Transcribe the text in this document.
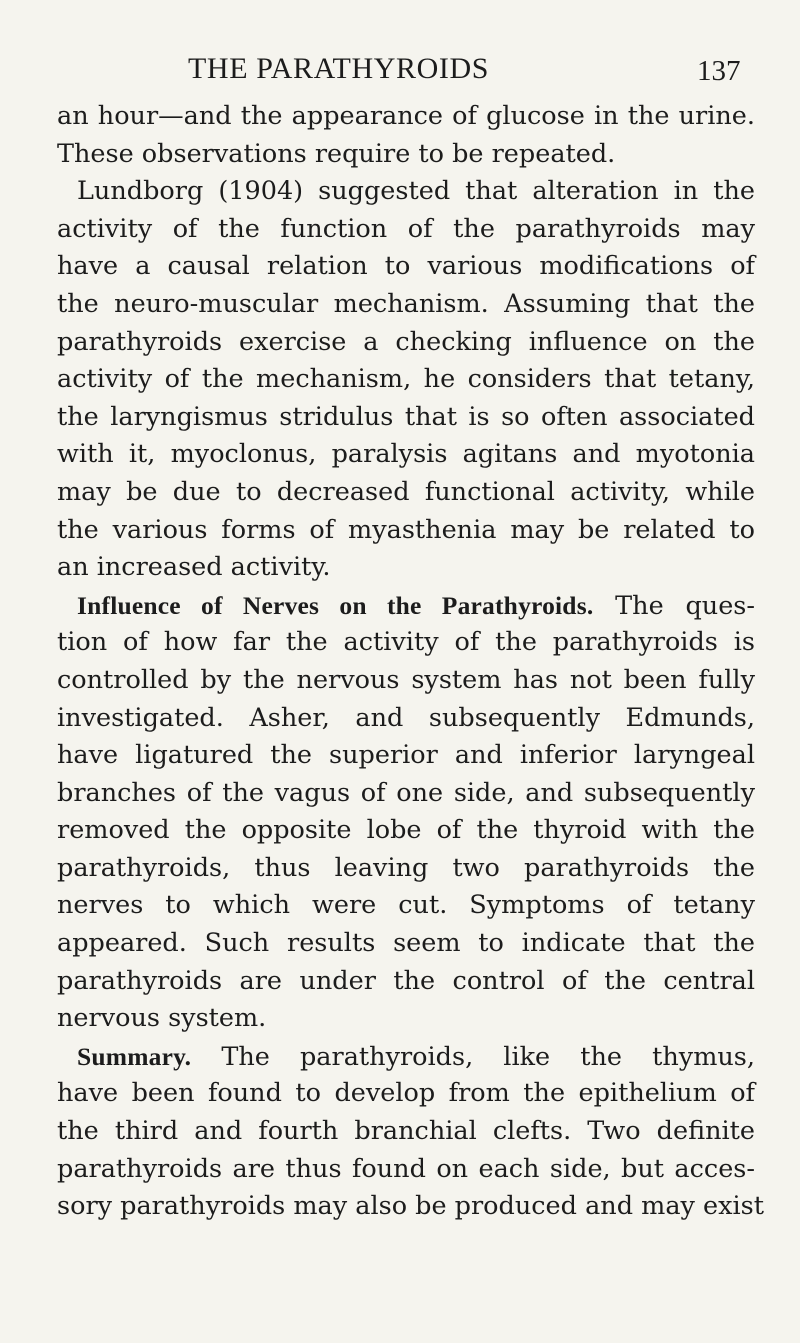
THE PARATHYROIDS	137
an hour—and the appearance of glucose in the urine.
These observations require to be repeated.
Lundborg (1904) suggested that alteration in the
activity of the function of the parathyroids may
have a causal relation to various modifications of
the neuro-muscular mechanism. Assuming that the
parathyroids exercise a checking influence on the
activity of the mechanism, he considers that tetany,
the laryngismus stridulus that is so often associated
with it, myoclonus, paralysis agitans and myotonia
may be due to decreased functional activity, while
the various forms of myasthenia may be related to
an increased activity.
Influence of Nerves on the Parathyroids. The ques-
tion of how far the activity of the parathyroids is
controlled by the nervous system has not been fully
investigated. Asher, and subsequently Edmunds,
have ligatured the superior and inferior laryngeal
branches of the vagus of one side, and subsequently
removed the opposite lobe of the thyroid with the
parathyroids, thus leaving two parathyroids the
nerves to which were cut. Symptoms of tetany
appeared. Such results seem to indicate that the
parathyroids are under the control of the central
nervous system.
Summary. The parathyroids, like the thymus,
have been found to develop from the epithelium of
the third and fourth branchial clefts. Two definite
parathyroids are thus found on each side, but acces-
sory parathyroids may also be produced and may exist
